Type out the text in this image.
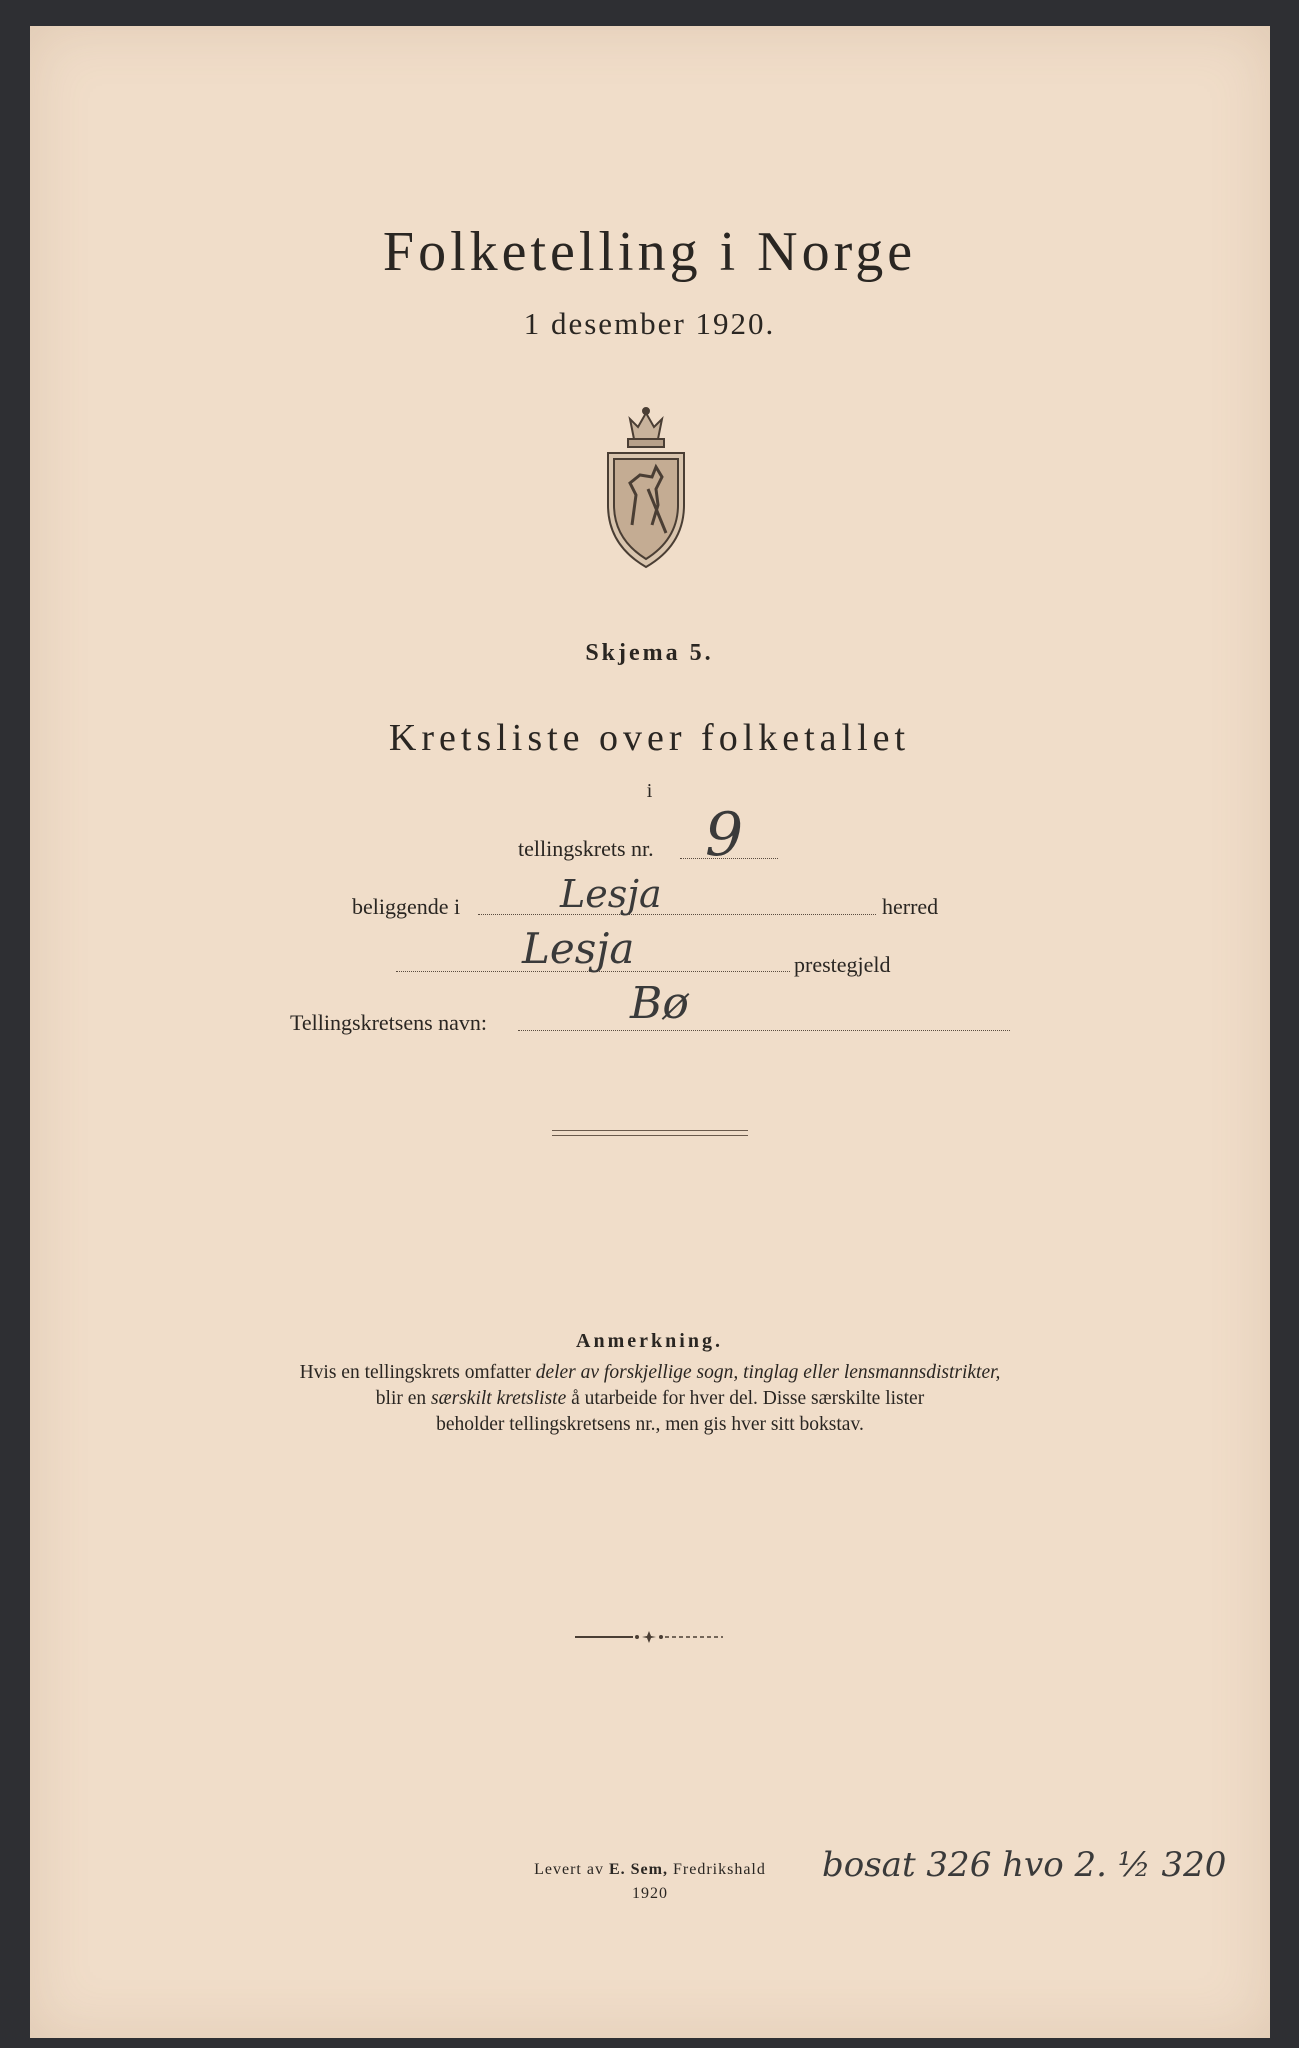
Folketelling i Norge
1 desember 1920.
Skjema 5.
Kretsliste over folketallet
i
tellingskrets nr. 9
beliggende i	Lesja	herred
Lesja	prestegjeld
Tellingskretsens navn:	Bø
Anmerkning.

Hvis en tellingskrets omfatter deler av forskjellige sogn, tinglag eller lensmannsdistrikter,

blir en særskilt kretsliste å utarbeide for hver del. Disse særskilte lister

beholder tellingskretsens nr., men gis hver sitt bokstav.

Levert av E. Sem, Fredrikshald
1920
bosat 326 hvo 2. ½ 320
